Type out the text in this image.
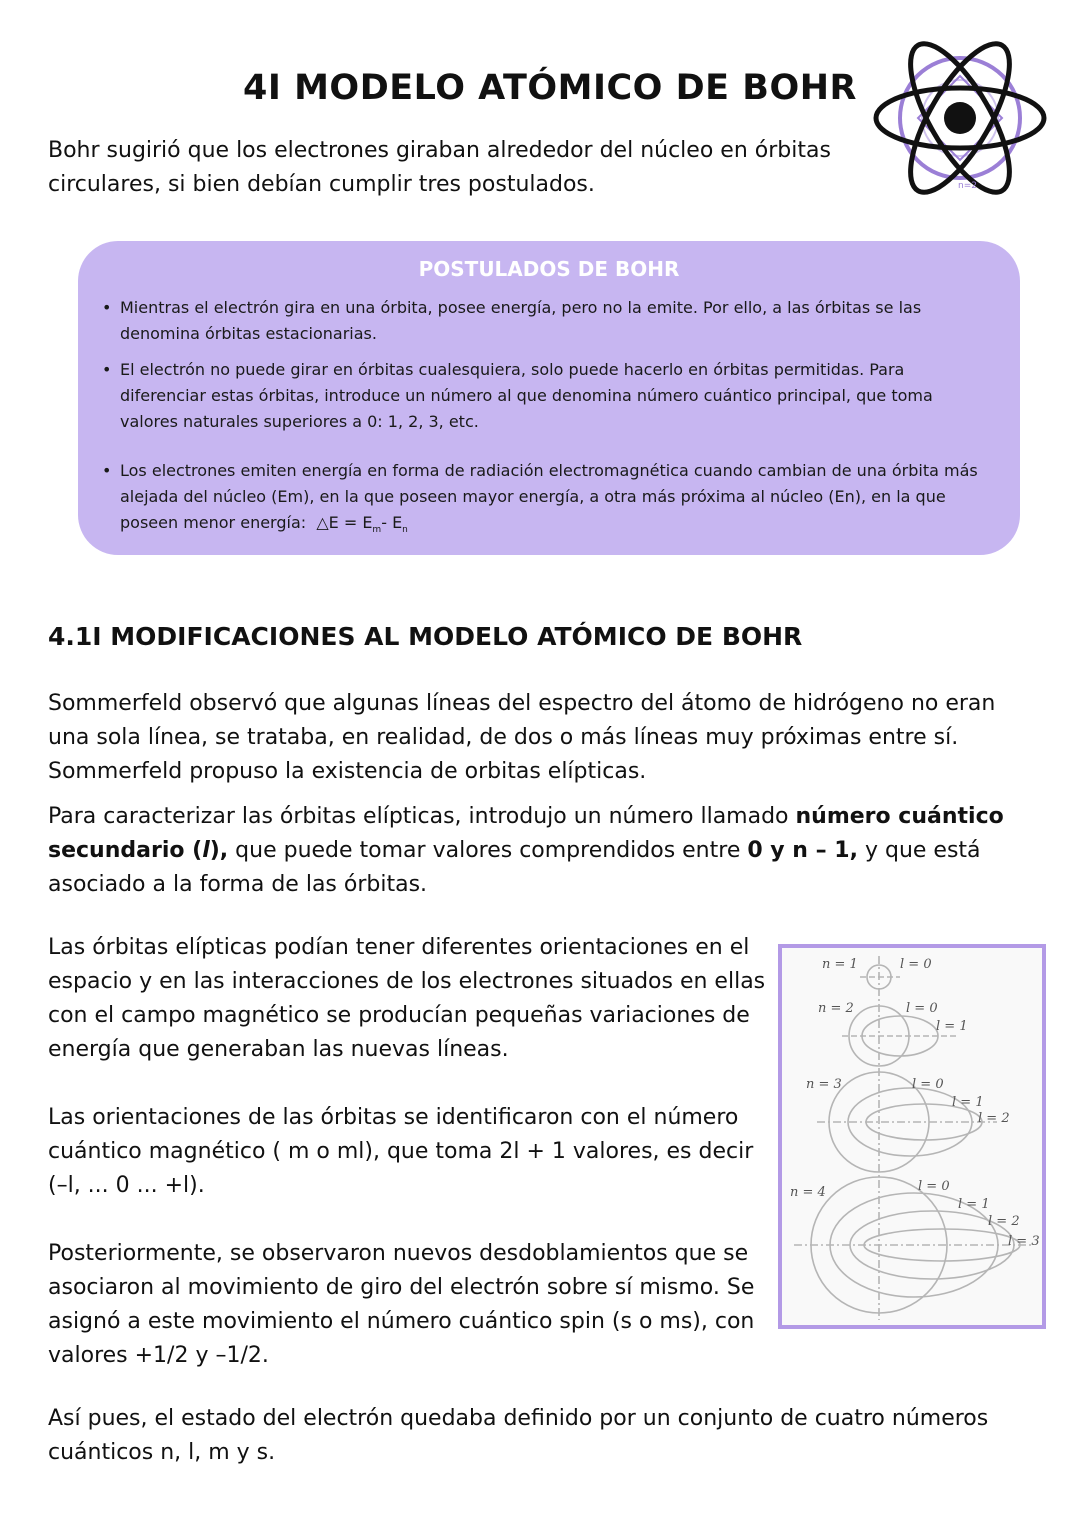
4I MODELO ATÓMICO DE BOHR
n=2

Bohr sugirió que los electrones giraban alrededor del núcleo en órbitas circulares, si bien debían cumplir tres postulados.

POSTULADOS DE BOHR
• Mientras el electrón gira en una órbita, posee energía, pero no la emite. Por ello, a las órbitas se las denomina órbitas estacionarias.
• El electrón no puede girar en órbitas cualesquiera, solo puede hacerlo en órbitas permitidas. Para diferenciar estas órbitas, introduce un número al que denomina número cuántico principal, que toma valores naturales superiores a 0: 1, 2, 3, etc.
• Los electrones emiten energía en forma de radiación electromagnética cuando cambian de una órbita más alejada del núcleo (Em), en la que poseen mayor energía, a otra más próxima al núcleo (En), en la que poseen menor energía: △E = $E_m-$ $E_n$
4.1I MODIFICACIONES AL MODELO ATÓMICO DE BOHR

Sommerfeld observó que algunas líneas del espectro del átomo de hidrógeno no eran una sola línea, se trataba, en realidad, de dos o más líneas muy próximas entre sí. Sommerfeld propuso la existencia de orbitas elípticas.

Para caracterizar las órbitas elípticas, introdujo un número llamado número cuántico secundario (l), que puede tomar valores comprendidos entre 0 y n – 1, y que está asociado a la forma de las órbitas.

Las órbitas elípticas podían tener diferentes orientaciones en el espacio y en las interacciones de los electrones situados en ellas con el campo magnético se producían pequeñas variaciones de energía que generaban las nuevas líneas.

Las orientaciones de las órbitas se identificaron con el número cuántico magnético ( m o ml), que toma 2l + 1 valores, es decir (–l, ... 0 ... +l).

Posteriormente, se observaron nuevos desdoblamientos que se asociaron al movimiento de giro del electrón sobre sí mismo. Se asignó a este movimiento el número cuántico spin (s o ms), con valores +1/2 y –1/2.

Así pues, el estado del electrón quedaba definido por un conjunto de cuatro números cuánticos n, l, m y s.

n = 1	l = 0
n = 2	l = 0
l = 1
n = 3	l = 0
l = 1
l = 2
n = 4	l = 0
l = 1
l = 2
l = 3
